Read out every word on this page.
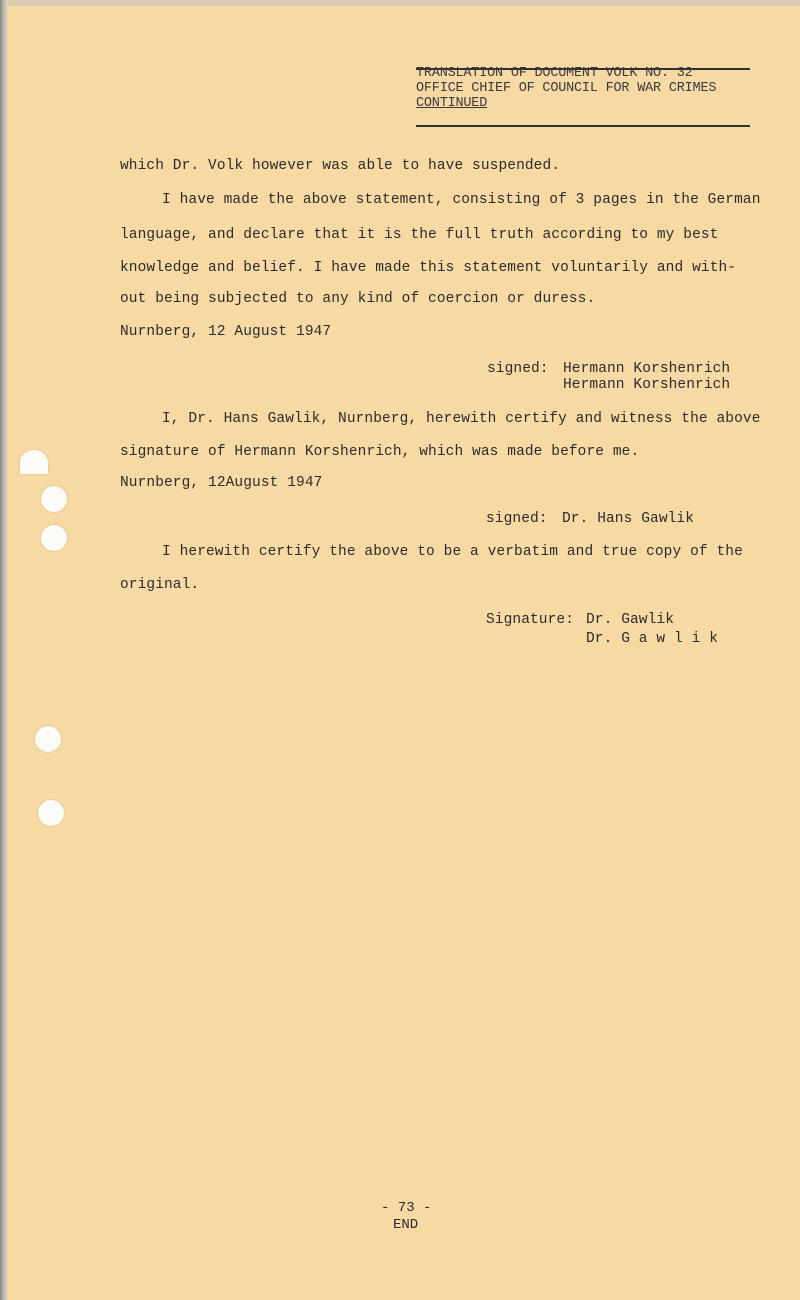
TRANSLATION OF DOCUMENT VOLK NO. 32
OFFICE CHIEF OF COUNCIL FOR WAR CRIMES
CONTINUED
which Dr. Volk however was able to have suspended.
I have made the above statement, consisting of 3 pages in the German
language, and declare that it is the full truth according to my best
knowledge and belief. I have made this statement voluntarily and with-
out being subjected to any kind of coercion or duress.
Nurnberg, 12 August 1947
signed: Hermann Korshenrich
Hermann Korshenrich
I, Dr. Hans Gawlik, Nurnberg, herewith certify and witness the above
signature of Hermann Korshenrich, which was made before me.
Nurnberg, 12August 1947
signed: Dr. Hans Gawlik
I herewith certify the above to be a verbatim and true copy of the
original.
Signature: Dr. Gawlik
Dr. G a w l i k
- 73 -
END
